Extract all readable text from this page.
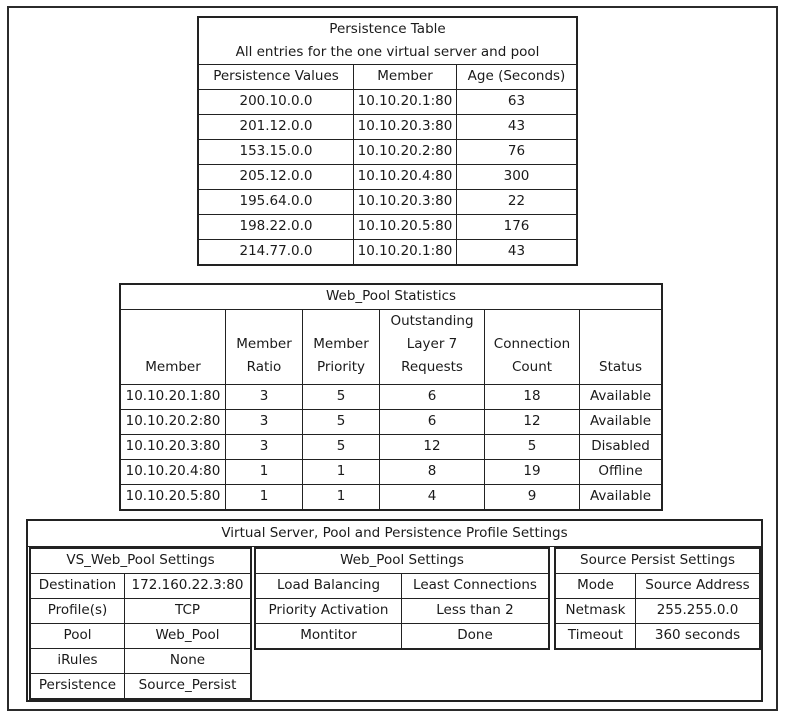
Persistence Table		
All entries for the one virtual server and pool		
Persistence Values	Member	Age (Seconds)
200.10.0.0	10.10.20.1:80	63
201.12.0.0	10.10.20.3:80	43
153.15.0.0	10.10.20.2:80	76
205.12.0.0	10.10.20.4:80	300
195.64.0.0	10.10.20.3:80	22
198.22.0.0	10.10.20.5:80	176
214.77.0.0	10.10.20.1:80	43
Web_Pool Statistics					
Member	Member Ratio	Member Priority	Outstanding Layer 7 Requests	Connection Count	Status
10.10.20.1:80	3	5	6	18	Available
10.10.20.2:80	3	5	6	12	Available
10.10.20.3:80	3	5	12	5	Disabled
10.10.20.4:80	1	1	8	19	Offline
10.10.20.5:80	1	1	4	9	Available
Virtual Server, Pool and Persistence Profile Settings
VS_Web_Pool Settings	
Destination	172.160.22.3:80
Profile(s)	TCP
Pool	Web_Pool
iRules	None
Persistence	Source_Persist
Web_Pool Settings	
Load Balancing	Least Connections
Priority Activation	Less than 2
Montitor	Done
Source Persist Settings	
Mode	Source Address
Netmask	255.255.0.0
Timeout	360 seconds
